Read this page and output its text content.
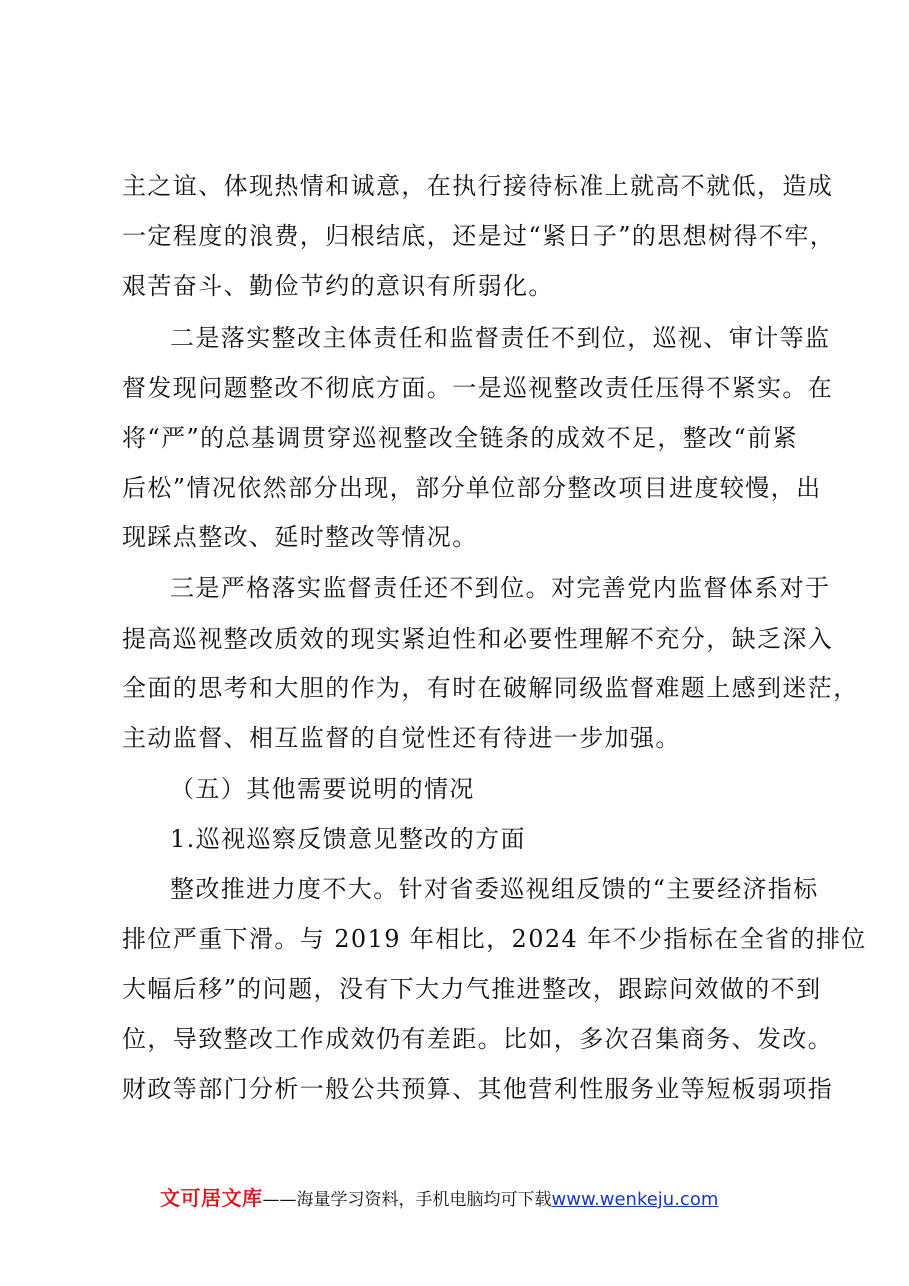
主之谊、体现热情和诚意，在执行接待标准上就高不就低，造成
一定程度的浪费，归根结底，还是过“紧日子”的思想树得不牢，
艰苦奋斗、勤俭节约的意识有所弱化。
二是落实整改主体责任和监督责任不到位，巡视、审计等监
督发现问题整改不彻底方面。一是巡视整改责任压得不紧实。在
将“严”的总基调贯穿巡视整改全链条的成效不足，整改“前紧
后松”情况依然部分出现，部分单位部分整改项目进度较慢，出
现踩点整改、延时整改等情况。
三是严格落实监督责任还不到位。对完善党内监督体系对于
提高巡视整改质效的现实紧迫性和必要性理解不充分，缺乏深入
全面的思考和大胆的作为，有时在破解同级监督难题上感到迷茫，
主动监督、相互监督的自觉性还有待进一步加强。
（五）其他需要说明的情况
1.巡视巡察反馈意见整改的方面
整改推进力度不大。针对省委巡视组反馈的“主要经济指标
排位严重下滑。与 2019 年相比，2024 年不少指标在全省的排位
大幅后移”的问题，没有下大力气推进整改，跟踪问效做的不到
位，导致整改工作成效仍有差距。比如，多次召集商务、发改。
财政等部门分析一般公共预算、其他营利性服务业等短板弱项指
文可居文库——海量学习资料，手机电脑均可下载www.wenkeju.com
